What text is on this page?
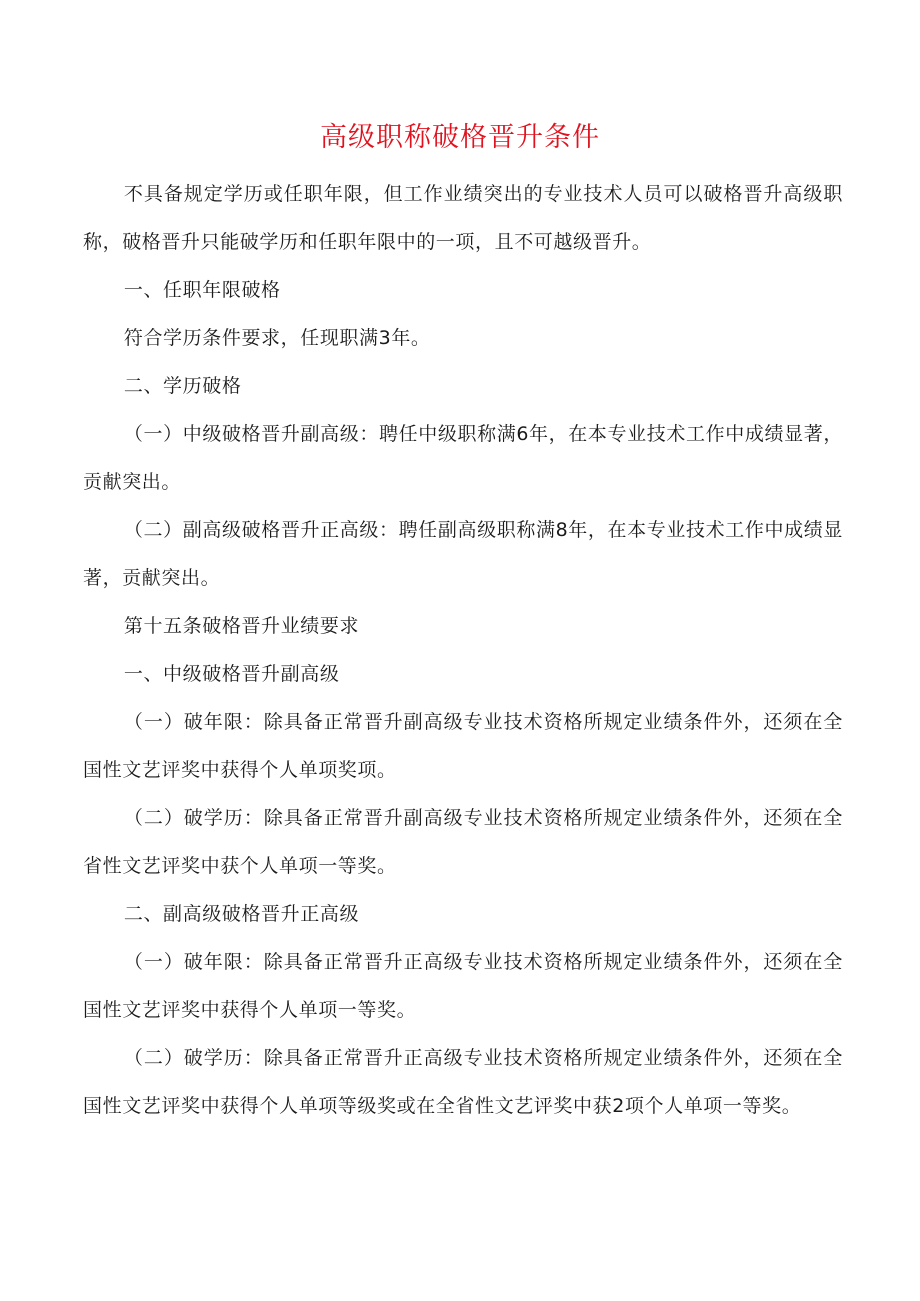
高级职称破格晋升条件

不具备规定学历或任职年限，但工作业绩突出的专业技术人员可以破格晋升高级职称，破格晋升只能破学历和任职年限中的一项，且不可越级晋升。

一、任职年限破格

符合学历条件要求，任现职满3年。

二、学历破格

（一）中级破格晋升副高级：聘任中级职称满6年，在本专业技术工作中成绩显著，贡献突出。

（二）副高级破格晋升正高级：聘任副高级职称满8年，在本专业技术工作中成绩显著，贡献突出。

第十五条破格晋升业绩要求

一、中级破格晋升副高级

（一）破年限：除具备正常晋升副高级专业技术资格所规定业绩条件外，还须在全国性文艺评奖中获得个人单项奖项。

（二）破学历：除具备正常晋升副高级专业技术资格所规定业绩条件外，还须在全省性文艺评奖中获个人单项一等奖。

二、副高级破格晋升正高级

（一）破年限：除具备正常晋升正高级专业技术资格所规定业绩条件外，还须在全国性文艺评奖中获得个人单项一等奖。

（二）破学历：除具备正常晋升正高级专业技术资格所规定业绩条件外，还须在全国性文艺评奖中获得个人单项等级奖或在全省性文艺评奖中获2项个人单项一等奖。
